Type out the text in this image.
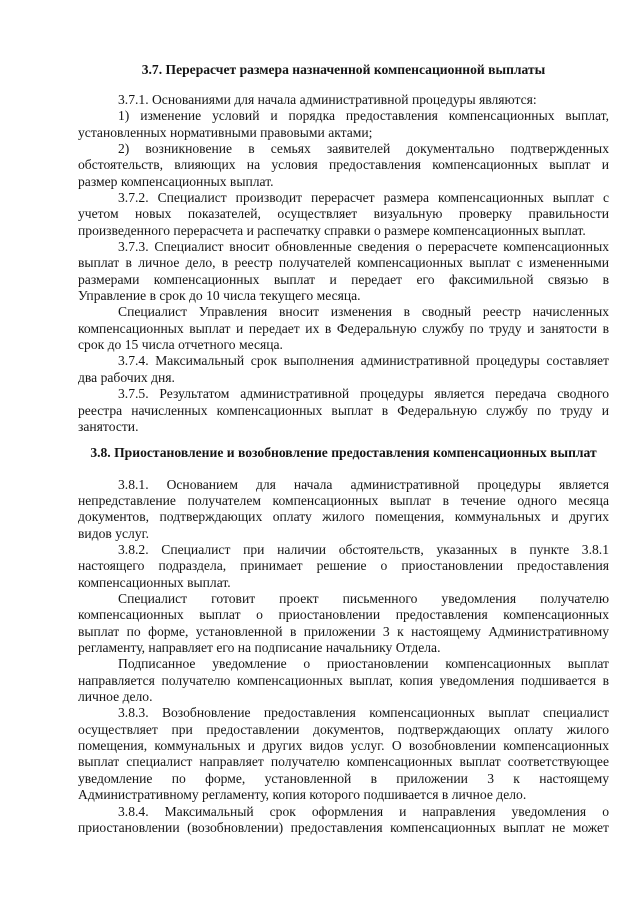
3.7. Перерасчет размера назначенной компенсационной выплаты
3.7.1. Основаниями для начала административной процедуры являются:
1) изменение условий и порядка предоставления компенсационных выплат,
установленных нормативными правовыми актами;
2) возникновение в семьях заявителей документально подтвержденных
обстоятельств, влияющих на условия предоставления компенсационных выплат и
размер компенсационных выплат.
3.7.2. Специалист производит перерасчет размера компенсационных выплат с
учетом новых показателей, осуществляет визуальную проверку правильности
произведенного перерасчета и распечатку справки о размере компенсационных выплат.
3.7.3. Специалист вносит обновленные сведения о перерасчете компенсационных
выплат в личное дело, в реестр получателей компенсационных выплат с измененными
размерами компенсационных выплат и передает его факсимильной связью в
Управление в срок до 10 числа текущего месяца.
Специалист Управления вносит изменения в сводный реестр начисленных
компенсационных выплат и передает их в Федеральную службу по труду и занятости в
срок до 15 числа отчетного месяца.
3.7.4. Максимальный срок выполнения административной процедуры составляет
два рабочих дня.
3.7.5. Результатом административной процедуры является передача сводного
реестра начисленных компенсационных выплат в Федеральную службу по труду и
занятости.
3.8. Приостановление и возобновление предоставления компенсационных выплат
3.8.1. Основанием для начала административной процедуры является
непредставление получателем компенсационных выплат в течение одного месяца
документов, подтверждающих оплату жилого помещения, коммунальных и других
видов услуг.
3.8.2. Специалист при наличии обстоятельств, указанных в пункте 3.8.1
настоящего подраздела, принимает решение о приостановлении предоставления
компенсационных выплат.
Специалист готовит проект письменного уведомления получателю
компенсационных выплат о приостановлении предоставления компенсационных
выплат по форме, установленной в приложении 3 к настоящему Административному
регламенту, направляет его на подписание начальнику Отдела.
Подписанное уведомление о приостановлении компенсационных выплат
направляется получателю компенсационных выплат, копия уведомления подшивается в
личное дело.
3.8.3. Возобновление предоставления компенсационных выплат специалист
осуществляет при предоставлении документов, подтверждающих оплату жилого
помещения, коммунальных и других видов услуг. О возобновлении компенсационных
выплат специалист направляет получателю компенсационных выплат соответствующее
уведомление по форме, установленной в приложении 3 к настоящему
Административному регламенту, копия которого подшивается в личное дело.
3.8.4. Максимальный срок оформления и направления уведомления о
приостановлении (возобновлении) предоставления компенсационных выплат не может
